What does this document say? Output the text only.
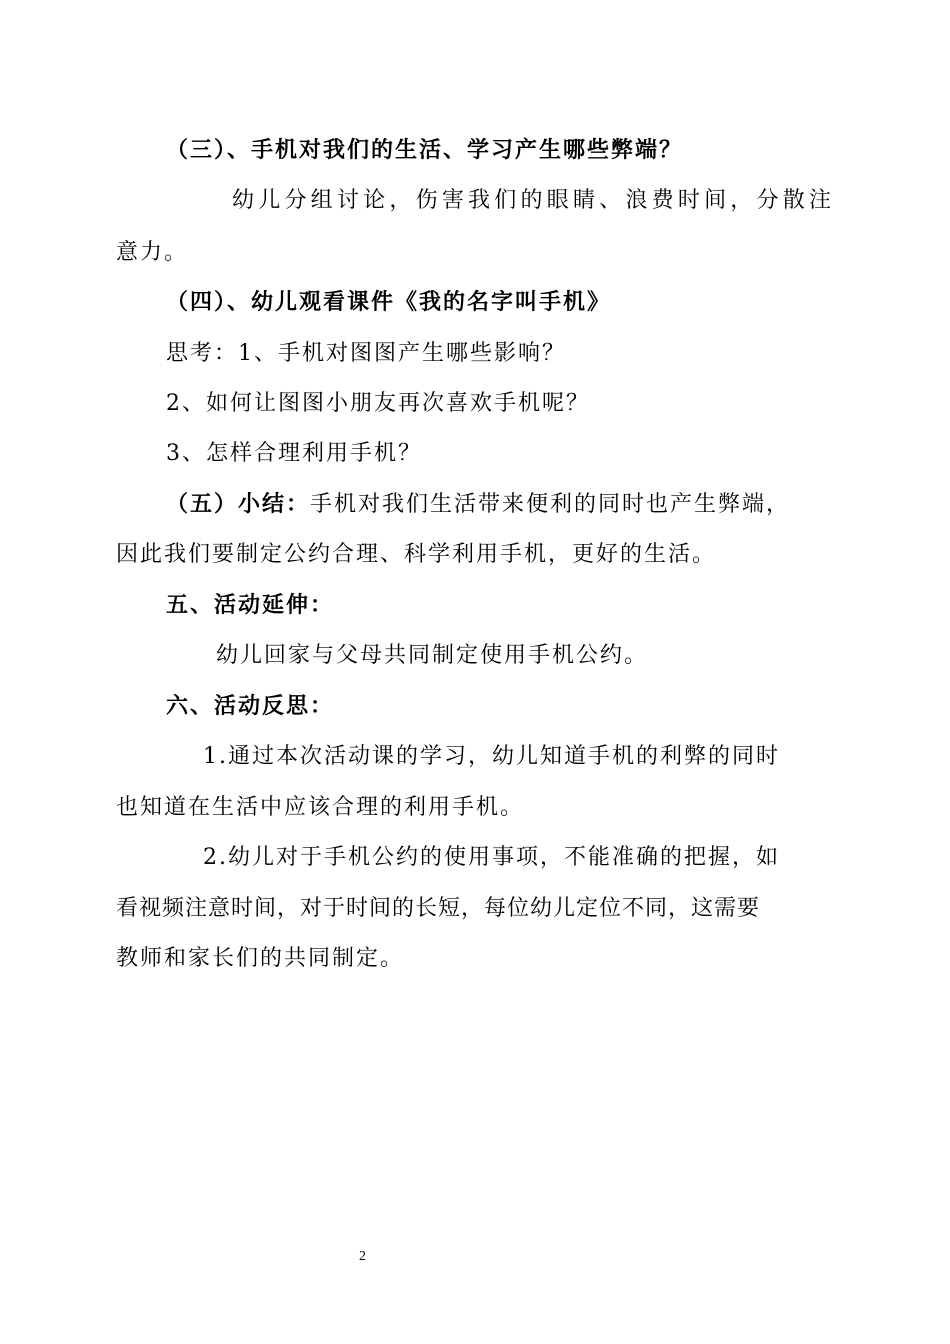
（三）、手机对我们的生活、学习产生哪些弊端？
幼儿分组讨论，伤害我们的眼睛、浪费时间，分散注
意力。
（四）、幼儿观看课件《我的名字叫手机》
思考：1、手机对图图产生哪些影响？
2、如何让图图小朋友再次喜欢手机呢？
3、怎样合理利用手机？
（五）小结：手机对我们生活带来便利的同时也产生弊端，
因此我们要制定公约合理、科学利用手机，更好的生活。
五、活动延伸：
幼儿回家与父母共同制定使用手机公约。
六、活动反思：
1.通过本次活动课的学习，幼儿知道手机的利弊的同时
也知道在生活中应该合理的利用手机。
2.幼儿对于手机公约的使用事项，不能准确的把握，如
看视频注意时间，对于时间的长短，每位幼儿定位不同，这需要
教师和家长们的共同制定。
2
